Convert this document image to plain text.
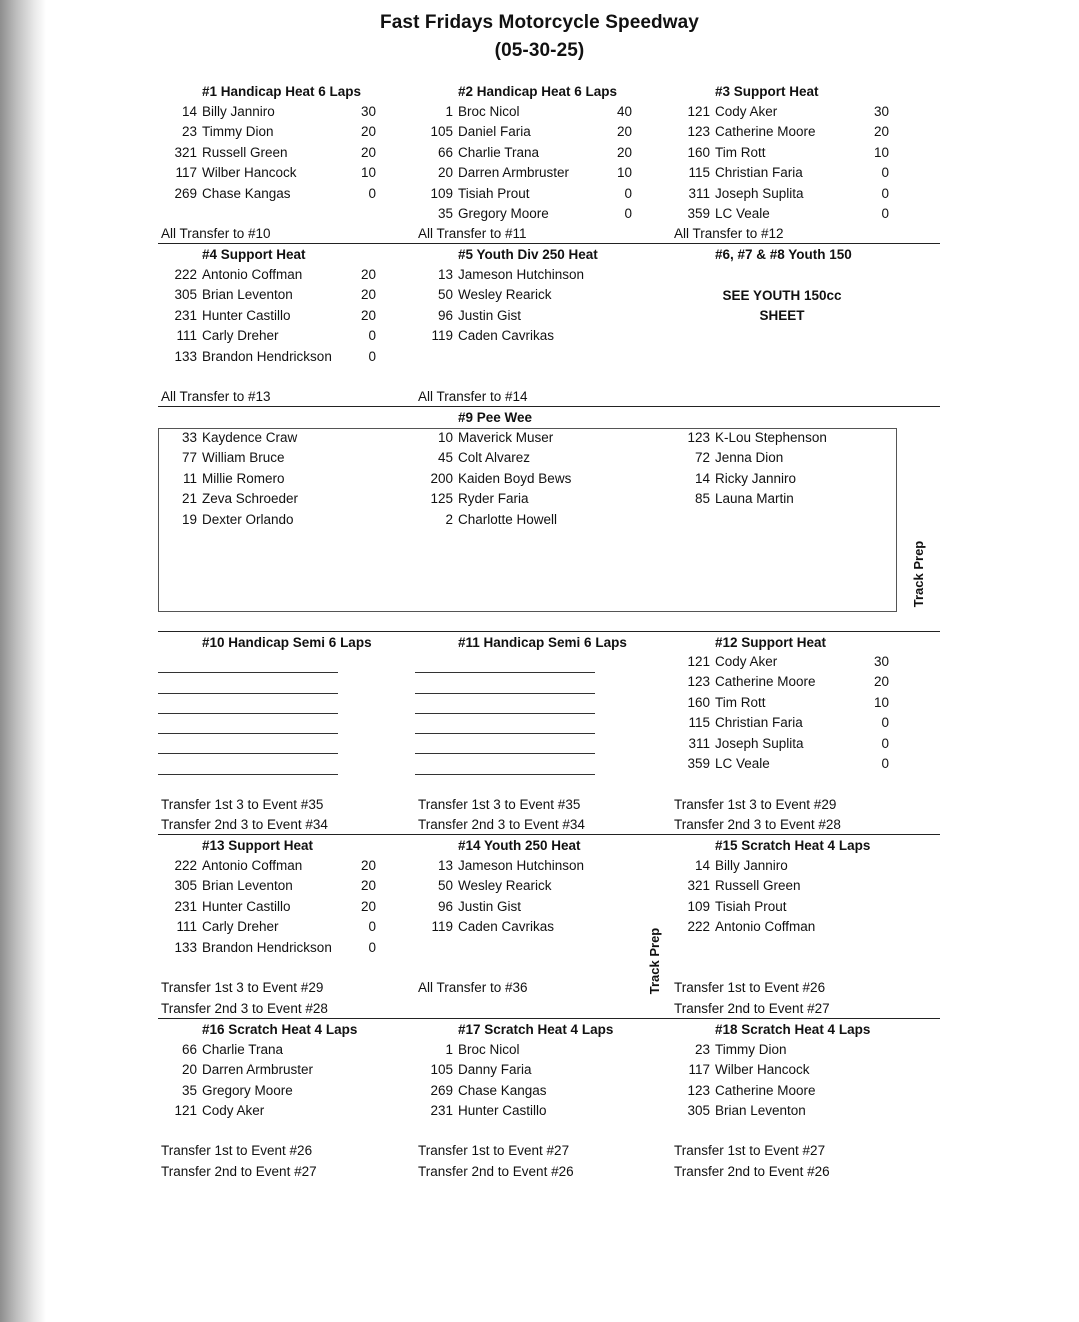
Fast Fridays Motorcycle Speedway
(05-30-25)
#1 Handicap Heat 6 Laps
14 Billy Janniro	30
23 Timmy Dion	20
321 Russell Green	20
117 Wilber Hancock	10
269 Chase Kangas	0
All Transfer to #10
#2 Handicap Heat 6 Laps
1 Broc Nicol	40
105 Daniel Faria	20
66 Charlie Trana	20
20 Darren Armbruster	10
109 Tisiah Prout	0
35 Gregory Moore	0
All Transfer to #11
#3 Support Heat
121 Cody Aker	30
123 Catherine Moore	20
160 Tim Rott	10
115 Christian Faria	0
311 Joseph Suplita	0
359 LC Veale	0
All Transfer to #12
#4 Support Heat
222 Antonio Coffman	20
305 Brian Leventon	20
231 Hunter Castillo	20
111 Carly Dreher	0
133 Brandon Hendrickson	0
All Transfer to #13
#5 Youth Div 250 Heat
13 Jameson Hutchinson
50 Wesley Rearick
96 Justin Gist
119 Caden Cavrikas
All Transfer to #14
#6, #7 & #8 Youth 150
SEE YOUTH 150cc
SHEET
#9 Pee Wee
33 Kaydence Craw
77 William Bruce
11 Millie Romero
21 Zeva Schroeder
19 Dexter Orlando
10 Maverick Muser
45 Colt Alvarez
200 Kaiden Boyd Bews
125 Ryder Faria
2 Charlotte Howell
123 K-Lou Stephenson
72 Jenna Dion
14 Ricky Janniro
85 Launa Martin
Track Prep
#10 Handicap Semi 6 Laps
Transfer 1st 3 to Event #35
Transfer 2nd 3 to Event #34
#11 Handicap Semi 6 Laps
Transfer 1st 3 to Event #35
Transfer 2nd 3 to Event #34
#12 Support Heat
121 Cody Aker	30
123 Catherine Moore	20
160 Tim Rott	10
115 Christian Faria	0
311 Joseph Suplita	0
359 LC Veale	0
Transfer 1st 3 to Event #29
Transfer 2nd 3 to Event #28
#13 Support Heat
222 Antonio Coffman	20
305 Brian Leventon	20
231 Hunter Castillo	20
111 Carly Dreher	0
133 Brandon Hendrickson	0
Transfer 1st 3 to Event #29
Transfer 2nd 3 to Event #28
#14 Youth 250 Heat
13 Jameson Hutchinson
50 Wesley Rearick
96 Justin Gist
119 Caden Cavrikas
All Transfer to #36	Track Prep
#15 Scratch Heat 4 Laps
14 Billy Janniro
321 Russell Green
109 Tisiah Prout
222 Antonio Coffman
Transfer 1st to Event #26
Transfer 2nd to Event #27
#16 Scratch Heat 4 Laps
66 Charlie Trana
20 Darren Armbruster
35 Gregory Moore
121 Cody Aker
Transfer 1st to Event #26
Transfer 2nd to Event #27
#17 Scratch Heat 4 Laps
1 Broc Nicol
105 Danny Faria
269 Chase Kangas
231 Hunter Castillo
Transfer 1st to Event #27
Transfer 2nd to Event #26
#18 Scratch Heat 4 Laps
23 Timmy Dion
117 Wilber Hancock
123 Catherine Moore
305 Brian Leventon
Transfer 1st to Event #27
Transfer 2nd to Event #26
